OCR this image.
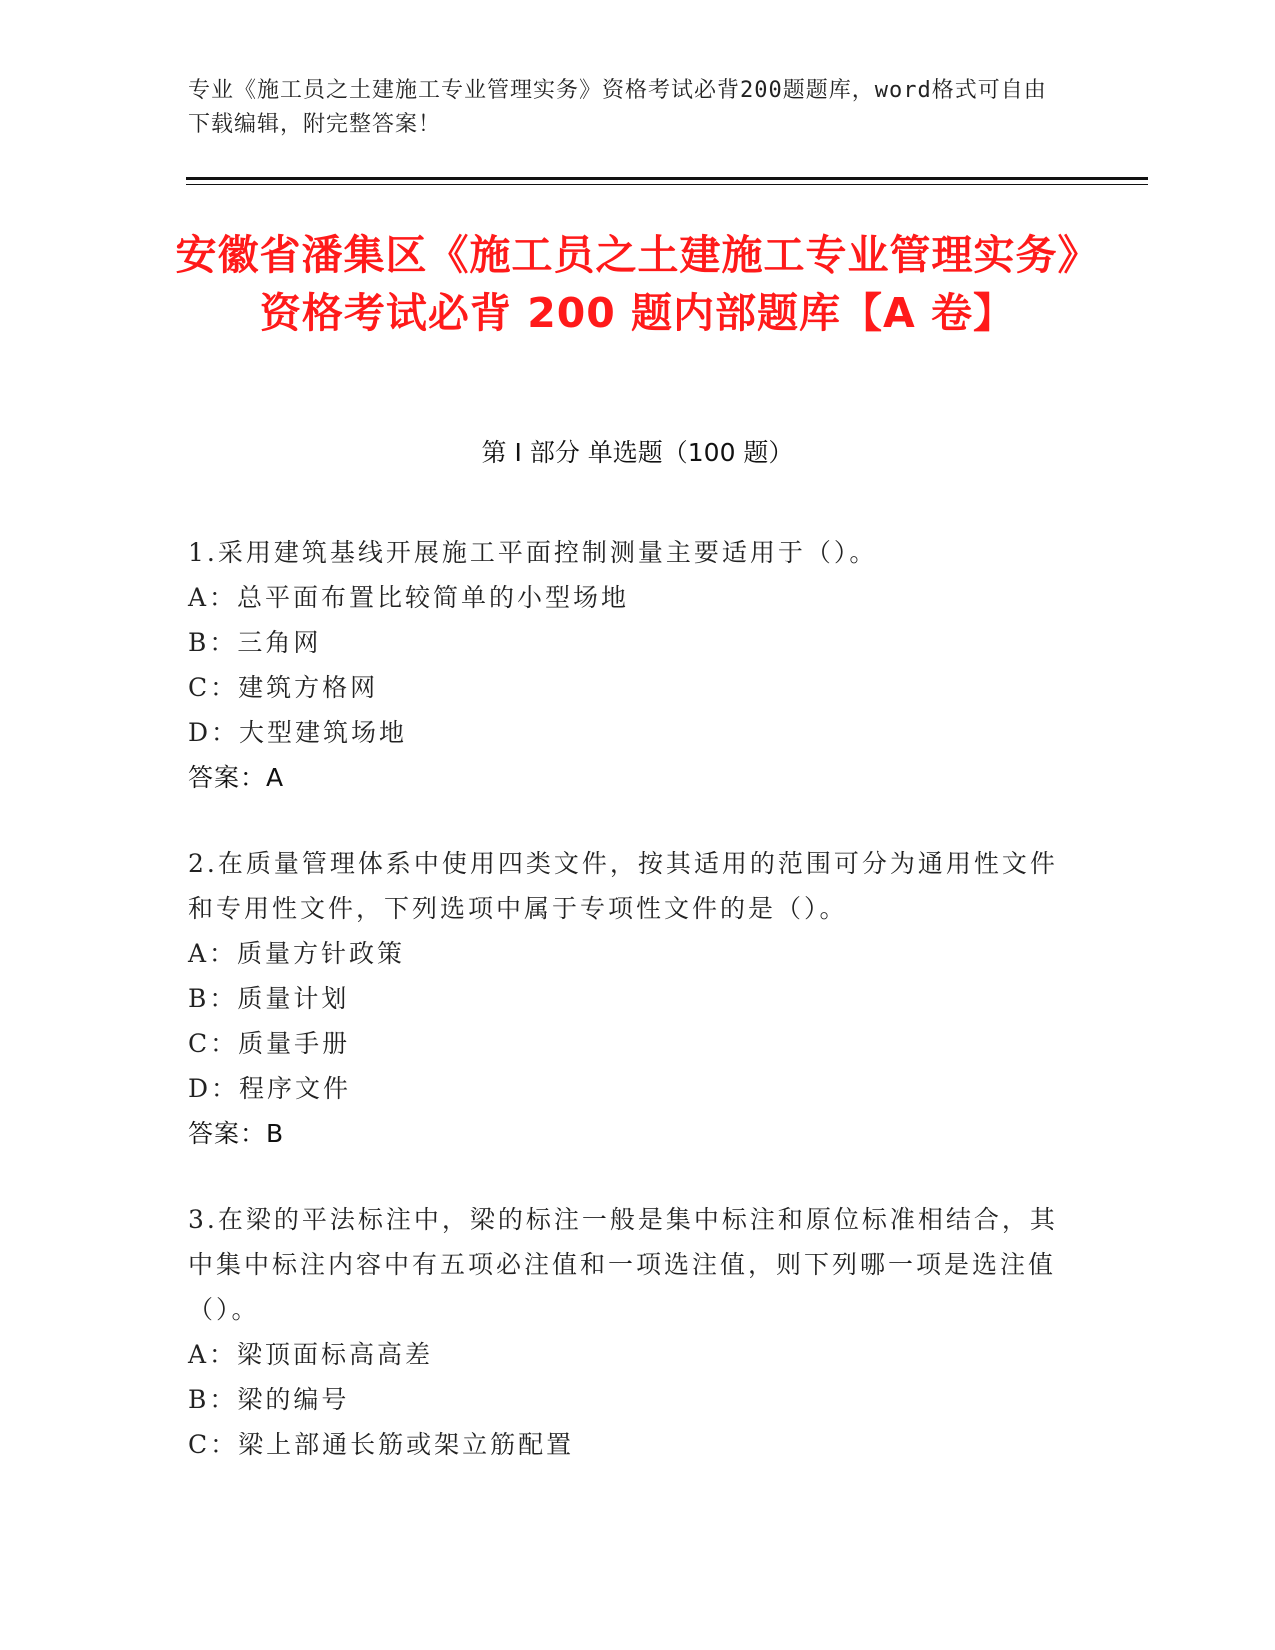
专业《施工员之土建施工专业管理实务》资格考试必背200题题库，word格式可自由下载编辑，附完整答案！
安徽省潘集区《施工员之土建施工专业管理实务》资格考试必背 200 题内部题库【A 卷】
第 I 部分 单选题（100 题）

1.采用建筑基线开展施工平面控制测量主要适用于（）。

A：总平面布置比较简单的小型场地

B：三角网

C：建筑方格网

D：大型建筑场地

答案：A

2.在质量管理体系中使用四类文件，按其适用的范围可分为通用性文件和专用性文件，下列选项中属于专项性文件的是（）。

A：质量方针政策

B：质量计划

C：质量手册

D：程序文件

答案：B

3.在梁的平法标注中，梁的标注一般是集中标注和原位标准相结合，其中集中标注内容中有五项必注值和一项选注值，则下列哪一项是选注值（）。

A：梁顶面标高高差

B：梁的编号

C：梁上部通长筋或架立筋配置
